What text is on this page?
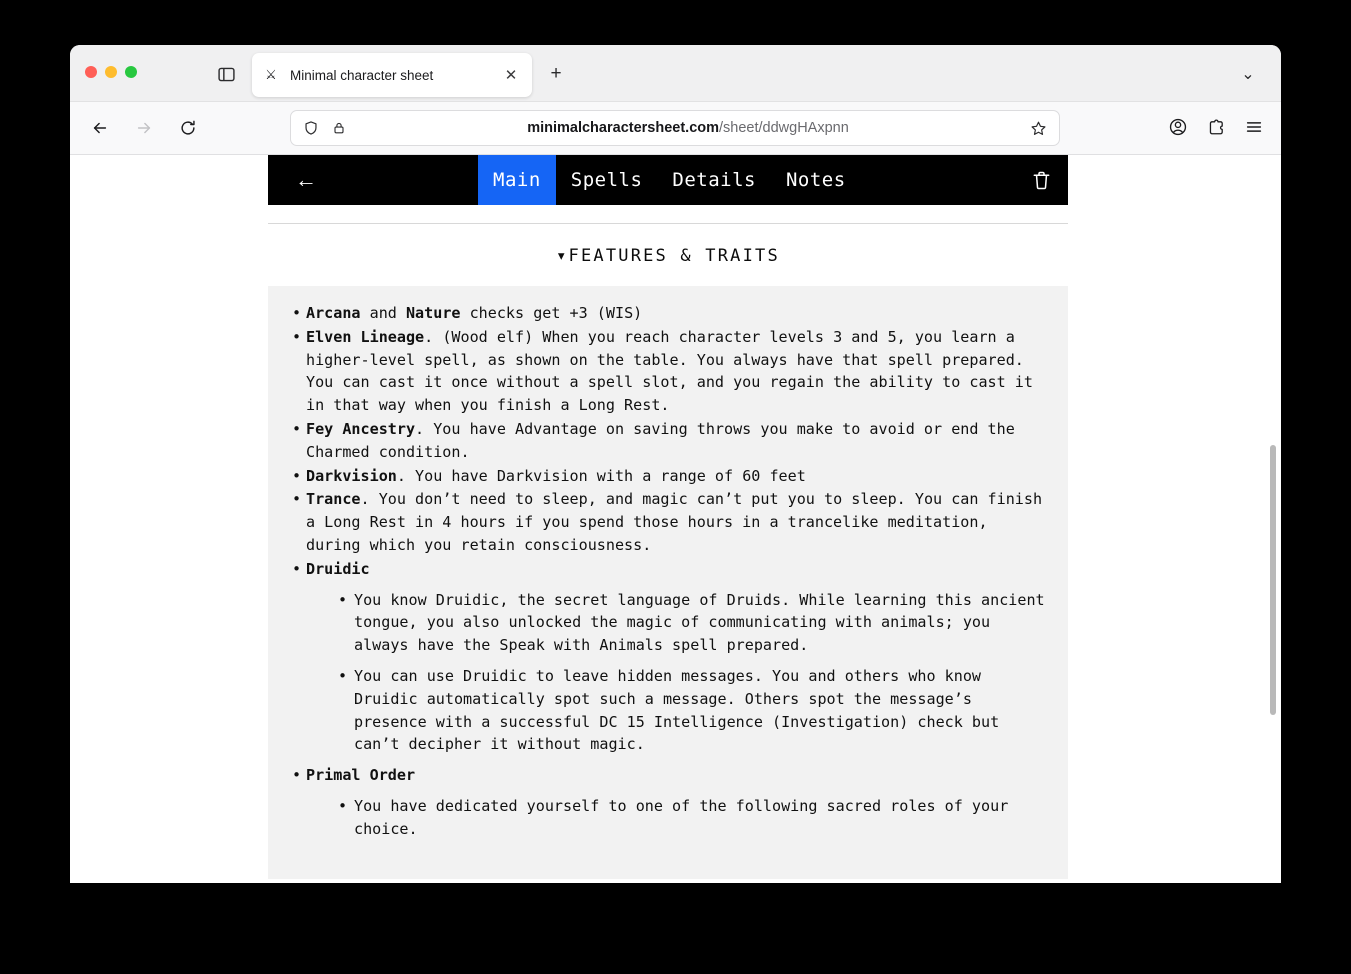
⚔ Minimal character sheet	✕	+	⌄
minimalcharactersheet.com/sheet/ddwgHAxpnn
←	Main	Spells	Details	Notes
▾FEATURES & TRAITS
• Arcana and Nature checks get +3 (WIS)
• Elven Lineage. (Wood elf) When you reach character levels 3 and 5, you learn a higher-level spell, as shown on the table. You always have that spell prepared. You can cast it once without a spell slot, and you regain the ability to cast it in that way when you finish a Long Rest.
• Fey Ancestry. You have Advantage on saving throws you make to avoid or end the Charmed condition.
• Darkvision. You have Darkvision with a range of 60 feet
• Trance. You don’t need to sleep, and magic can’t put you to sleep. You can finish a Long Rest in 4 hours if you spend those hours in a trancelike meditation, during which you retain consciousness.
• Druidic
• You know Druidic, the secret language of Druids. While learning this ancient tongue, you also unlocked the magic of communicating with animals; you always have the Speak with Animals spell prepared.
• You can use Druidic to leave hidden messages. You and others who know Druidic automatically spot such a message. Others spot the message’s presence with a successful DC 15 Intelligence (Investigation) check but can’t decipher it without magic.
• Primal Order
• You have dedicated yourself to one of the following sacred roles of your choice.
